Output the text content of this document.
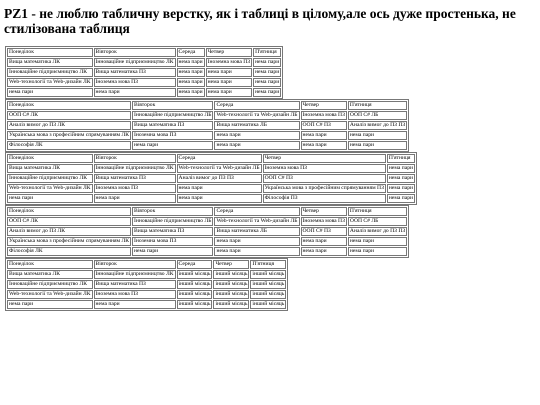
PZ1 - не люблю табличну верстку, як і таблиці в цілому,але ось дуже простенька, не стилізована таблиця
Понеділок	Вівторок	Середа	Четвер	П'ятниця
Вища математика ЛК	Інноваційне підприємництво ЛК	нема пари	Іноземна мова ПЗ	нема пари
Інноваційне підприємництво ЛК	Вища математика ПЗ	нема пари	нема пари	нема пари
Web-технології та Web-дизайн ЛК	Іноземна мова ПЗ	нема пари	нема пари	нема пари
нема пари	нема пари	нема пари	нема пари	нема пари
Понеділок	Вівторок	Середа	Четвер	П'ятниця
ООП C# ЛК	Інноваційне підприємництво ЛБ	Web-технології та Web-дизайн ЛБ	Іноземна мова ПЗ	ООП C# ЛБ
Аналіз вимог до ПЗ ЛК	Вища математика ПЗ	Вища математика ЛБ	ООП C# ПЗ	Аналіз вимог до ПЗ ПЗ
Українська мова з професійним спрямуванням ЛК	Іноземна мова ПЗ	нема пари	нема пари	нема пари
Філософія ЛК	нема пари	нема пари	нема пари	нема пари
Понеділок	Вівторок	Середа	Четвер	П'ятниця
Вища математика ЛК	Інноваційне підприємництво ЛК	Web-технології та Web-дизайн ЛБ	Іноземна мова ПЗ	нема пари
Інноваційне підприємництво ЛК	Вища математика ПЗ	Аналіз вимог до ПЗ ПЗ	ООП C# ПЗ	нема пари
Web-технології та Web-дизайн ЛК	Іноземна мова ПЗ	нема пари	Українська мова з професійним спрямуванням ПЗ	нема пари
нема пари	нема пари	нема пари	Філософія ПЗ	нема пари
Понеділок	Вівторок	Середа	Четвер	П'ятниця
ООП C# ЛК	Інноваційне підприємництво ЛБ	Web-технології та Web-дизайн ЛБ	Іноземна мова ПЗ	ООП C# ЛБ
Аналіз вимог до ПЗ ЛК	Вища математика ПЗ	Вища математика ЛБ	ООП C# ПЗ	Аналіз вимог до ПЗ ПЗ
Українська мова з професійним спрямуванням ЛК	Іноземна мова ПЗ	нема пари	нема пари	нема пари
Філософія ЛК	нема пари	нема пари	нема пари	нема пари
Понеділок	Вівторок	Середа	Четвер	П'ятниця
Вища математика ЛК	Інноваційне підприємництво ЛК	інший місяць	інший місяць	інший місяць
Інноваційне підприємництво ЛК	Вища математика ПЗ	інший місяць	інший місяць	інший місяць
Web-технології та Web-дизайн ЛК	Іноземна мова ПЗ	інший місяць	інший місяць	інший місяць
нема пари	нема пари	інший місяць	інший місяць	інший місяць
